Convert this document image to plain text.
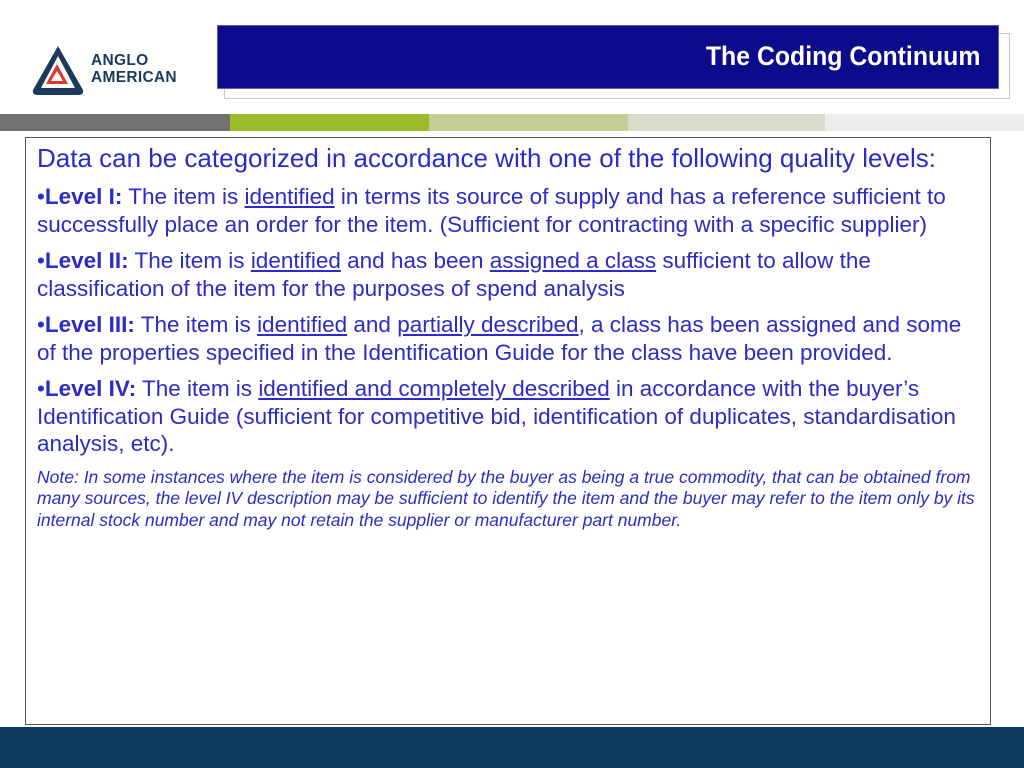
ANGLO
AMERICAN
The Coding Continuum

Data can be categorized in accordance with one of the following quality levels:

•Level I: The item is identified in terms its source of supply and has a reference sufficient to successfully place an order for the item. (Sufficient for contracting with a specific supplier)

•Level II: The item is identified and has been assigned a class sufficient to allow the classification of the item for the purposes of spend analysis

•Level III: The item is identified and partially described, a class has been assigned and some of the properties specified in the Identification Guide for the class have been provided.

•Level IV: The item is identified and completely described in accordance with the buyer’s Identification Guide (sufficient for competitive bid, identification of duplicates, standardisation analysis, etc).

Note: In some instances where the item is considered by the buyer as being a true commodity, that can be obtained from many sources, the level IV description may be sufficient to identify the item and the buyer may refer to the item only by its internal stock number and may not retain the supplier or manufacturer part number.
